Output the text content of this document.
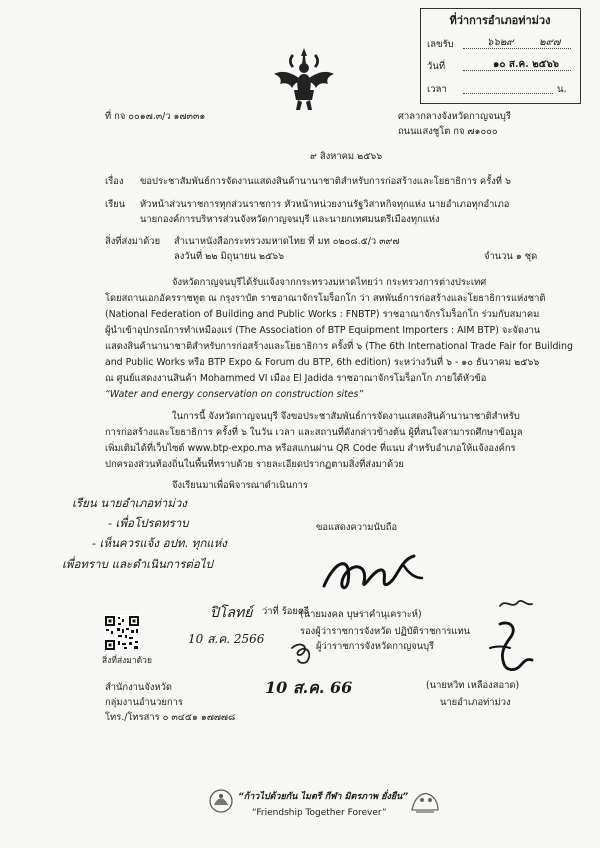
ที่ว่าการอำเภอท่าม่วง
เลขรับ	๖๖๒๙	๒๙๗
วันที่	๑๐ ส.ค. ๒๕๖๖
เวลา	น.
ที่ กจ ๐๐๑๗.๓/ว ๑๗๓๓๑	ศาลากลางจังหวัดกาญจนบุรี
ถนนแสงชูโต กจ ๗๑๐๐๐
๙ สิงหาคม ๒๕๖๖
เรื่อง ขอประชาสัมพันธ์การจัดงานแสดงสินค้านานาชาติสำหรับการก่อสร้างและโยธาธิการ ครั้งที่ ๖
เรียน หัวหน้าส่วนราชการทุกส่วนราชการ หัวหน้าหน่วยงานรัฐวิสาหกิจทุกแห่ง นายอำเภอทุกอำเภอ
นายกองค์การบริหารส่วนจังหวัดกาญจนบุรี และนายกเทศมนตรีเมืองทุกแห่ง
สิ่งที่ส่งมาด้วย สำเนาหนังสือกระทรวงมหาดไทย ที่ มท ๐๒๐๘.๕/ว ๓๙๗
ลงวันที่ ๒๒ มิถุนายน ๒๕๖๖	จำนวน ๑ ชุด
จังหวัดกาญจนบุรีได้รับแจ้งจากกระทรวงมหาดไทยว่า กระทรวงการต่างประเทศ
โดยสถานเอกอัครราชทูต ณ กรุงราบัต ราชอาณาจักรโมร็อกโก ว่า สหพันธ์การก่อสร้างและโยธาธิการแห่งชาติ
(National Federation of Building and Public Works : FNBTP) ราชอาณาจักรโมร็อกโก ร่วมกับสมาคม
ผู้นำเข้าอุปกรณ์การทำเหมืองแร่ (The Association of BTP Equipment Importers : AIM BTP) จะจัดงาน
แสดงสินค้านานาชาติสำหรับการก่อสร้างและโยธาธิการ ครั้งที่ ๖ (The 6th International Trade Fair for Building
and Public Works หรือ BTP Expo & Forum du BTP, 6th edition) ระหว่างวันที่ ๖ - ๑๐ ธันวาคม ๒๕๖๖
ณ ศูนย์แสดงงานสินค้า Mohammed VI เมือง El Jadida ราชอาณาจักรโมร็อกโก ภายใต้หัวข้อ
“Water and energy conservation on construction sites”
ในการนี้ จังหวัดกาญจนบุรี จึงขอประชาสัมพันธ์การจัดงานแสดงสินค้านานาชาติสำหรับ
การก่อสร้างและโยธาธิการ ครั้งที่ ๖ ในวัน เวลา และสถานที่ดังกล่าวข้างต้น ผู้ที่สนใจสามารถศึกษาข้อมูล
เพิ่มเติมได้ที่เว็บไซต์ www.btp-expo.ma หรือสแกนผ่าน QR Code ที่แนบ สำหรับอำเภอให้แจ้งองค์กร
ปกครองส่วนท้องถิ่นในพื้นที่ทราบด้วย รายละเอียดปรากฏตามสิ่งที่ส่งมาด้วย
จึงเรียนมาเพื่อพิจารณาดำเนินการ
เรียน นายอำเภอท่าม่วง
- เพื่อโปรดทราบ
- เห็นควรแจ้ง อปท. ทุกแห่ง
เพื่อทราบ และดำเนินการต่อไป
ปิโลทย์ ว่าที่ ร้อยตรี
10 ส.ค. 2566
10 ส.ค. 66
ขอแสดงความนับถือ
(นายมงคล บุษราคำนุเคราะห์)
รองผู้ว่าราชการจังหวัด ปฏิบัติราชการแทน
ผู้ว่าราชการจังหวัดกาญจนบุรี
(นายหวิท เหลืองสอาด)
นายอำเภอท่าม่วง
สิ่งที่ส่งมาด้วย
สำนักงานจังหวัด
กลุ่มงานอำนวยการ
โทร./โทรสาร ๐ ๓๔๕๑ ๑๗๗๗๘
“ก้าวไปด้วยกัน ไมตรี กีฬา มิตรภาพ ยั่งยืน”
“Friendship Together Forever”
